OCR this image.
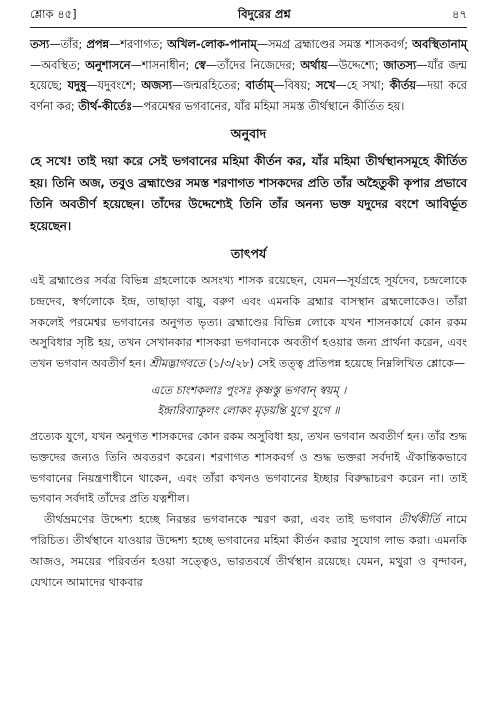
শ্লোক ৪৫]	বিদুরের প্রশ্ন	৪৭
তস্য—তাঁর; প্রপন্ন—শরণাগত; অখিল-লোক-পানাম্—সমগ্র ব্রহ্মাণ্ডের সমস্ত শাসকবর্গ; অবস্থিতানাম্—অবস্থিত; অনুশাসনে—শাসনাধীন; স্বে—তাঁদের নিজেদের; অর্থায়—উদ্দেশ্যে; জাতস্য—যাঁর জন্ম হয়েছে; যদুষু—যদুবংশে; অজস্য—জন্মরহিতের; বার্তাম্—বিষয়; সখে—হে সখা; কীর্তয়—দয়া করে বর্ণনা কর; তীর্থ-কীর্তেঃ—পরমেশ্বর ভগবানের, যাঁর মহিমা সমস্ত তীর্থস্থানে কীর্তিত হয়।
অনুবাদ
হে সখে! তাই দয়া করে সেই ভগবানের মহিমা কীর্তন কর, যাঁর মহিমা তীর্থস্থানসমূহে কীর্তিত হয়। তিনি অজ, তবুও ব্রহ্মাণ্ডের সমস্ত শরণাগত শাসকদের প্রতি তাঁর অহৈতুকী কৃপার প্রভাবে তিনি অবতীর্ণ হয়েছেন। তাঁদের উদ্দেশ্যেই তিনি তাঁর অনন্য ভক্ত যদুদের বংশে আবির্ভূত হয়েছেন।
তাৎপর্য

এই ব্রহ্মাণ্ডের সর্বত্র বিভিন্ন গ্রহলোকে অসংখ্য শাসক রয়েছেন, যেমন—সূর্যগ্রহে সূর্যদেব, চন্দ্রলোকে চন্দ্রদেব, স্বর্গলোকে ইন্দ্র, তাছাড়া বায়ু, বরুণ এবং এমনকি ব্রহ্মার বাসস্থান ব্রহ্মলোকেও। তাঁরা সকলেই পরমেশ্বর ভগবানের অনুগত ভৃত্য। ব্রহ্মাণ্ডের বিভিন্ন লোকে যখন শাসনকার্যে কোন রকম অসুবিধার সৃষ্টি হয়, তখন সেখানকার শাসকরা ভগবানকে অবতীর্ণ হওয়ার জন্য প্রার্থনা করেন, এবং তখন ভগবান অবতীর্ণ হন। শ্রীমদ্ভাগবতে (১/৩/২৮) সেই তত্ত্ব প্রতিপন্ন হয়েছে নিম্নলিখিত শ্লোকে—

এতে চাংশকলাঃ পুংসঃ কৃষ্ণস্তু ভগবান্ স্বয়ম্ ।
ইন্দ্রারিব্যাকুলং লোকং মৃড়য়ন্তি যুগে যুগে ॥

প্রত্যেক যুগে, যখন অনুগত শাসকদের কোন রকম অসুবিধা হয়, তখন ভগবান অবতীর্ণ হন। তাঁর শুদ্ধ ভক্তদের জন্যও তিনি অবতরণ করেন। শরণাগত শাসকবর্গ ও শুদ্ধ ভক্তরা সর্বদাই ঐকান্তিকভাবে ভগবানের নিয়ন্ত্রণাধীনে থাকেন, এবং তাঁরা কখনও ভগবানের ইচ্ছার বিরুদ্ধাচরণ করেন না। তাই ভগবান সর্বদাই তাঁদের প্রতি যত্নশীল।

তীর্থভ্রমণের উদ্দেশ্য হচ্ছে নিরন্তর ভগবানকে স্মরণ করা, এবং তাই ভগবান তীর্থকীর্তি নামে পরিচিত। তীর্থস্থানে যাওয়ার উদ্দেশ্য হচ্ছে ভগবানের মহিমা কীর্তন করার সুযোগ লাভ করা। এমনকি আজও, সময়ের পরিবর্তন হওয়া সত্ত্বেও, ভারতবর্ষে তীর্থস্থান রয়েছে। যেমন, মথুরা ও বৃন্দাবন, যেখানে আমাদের থাকবার
